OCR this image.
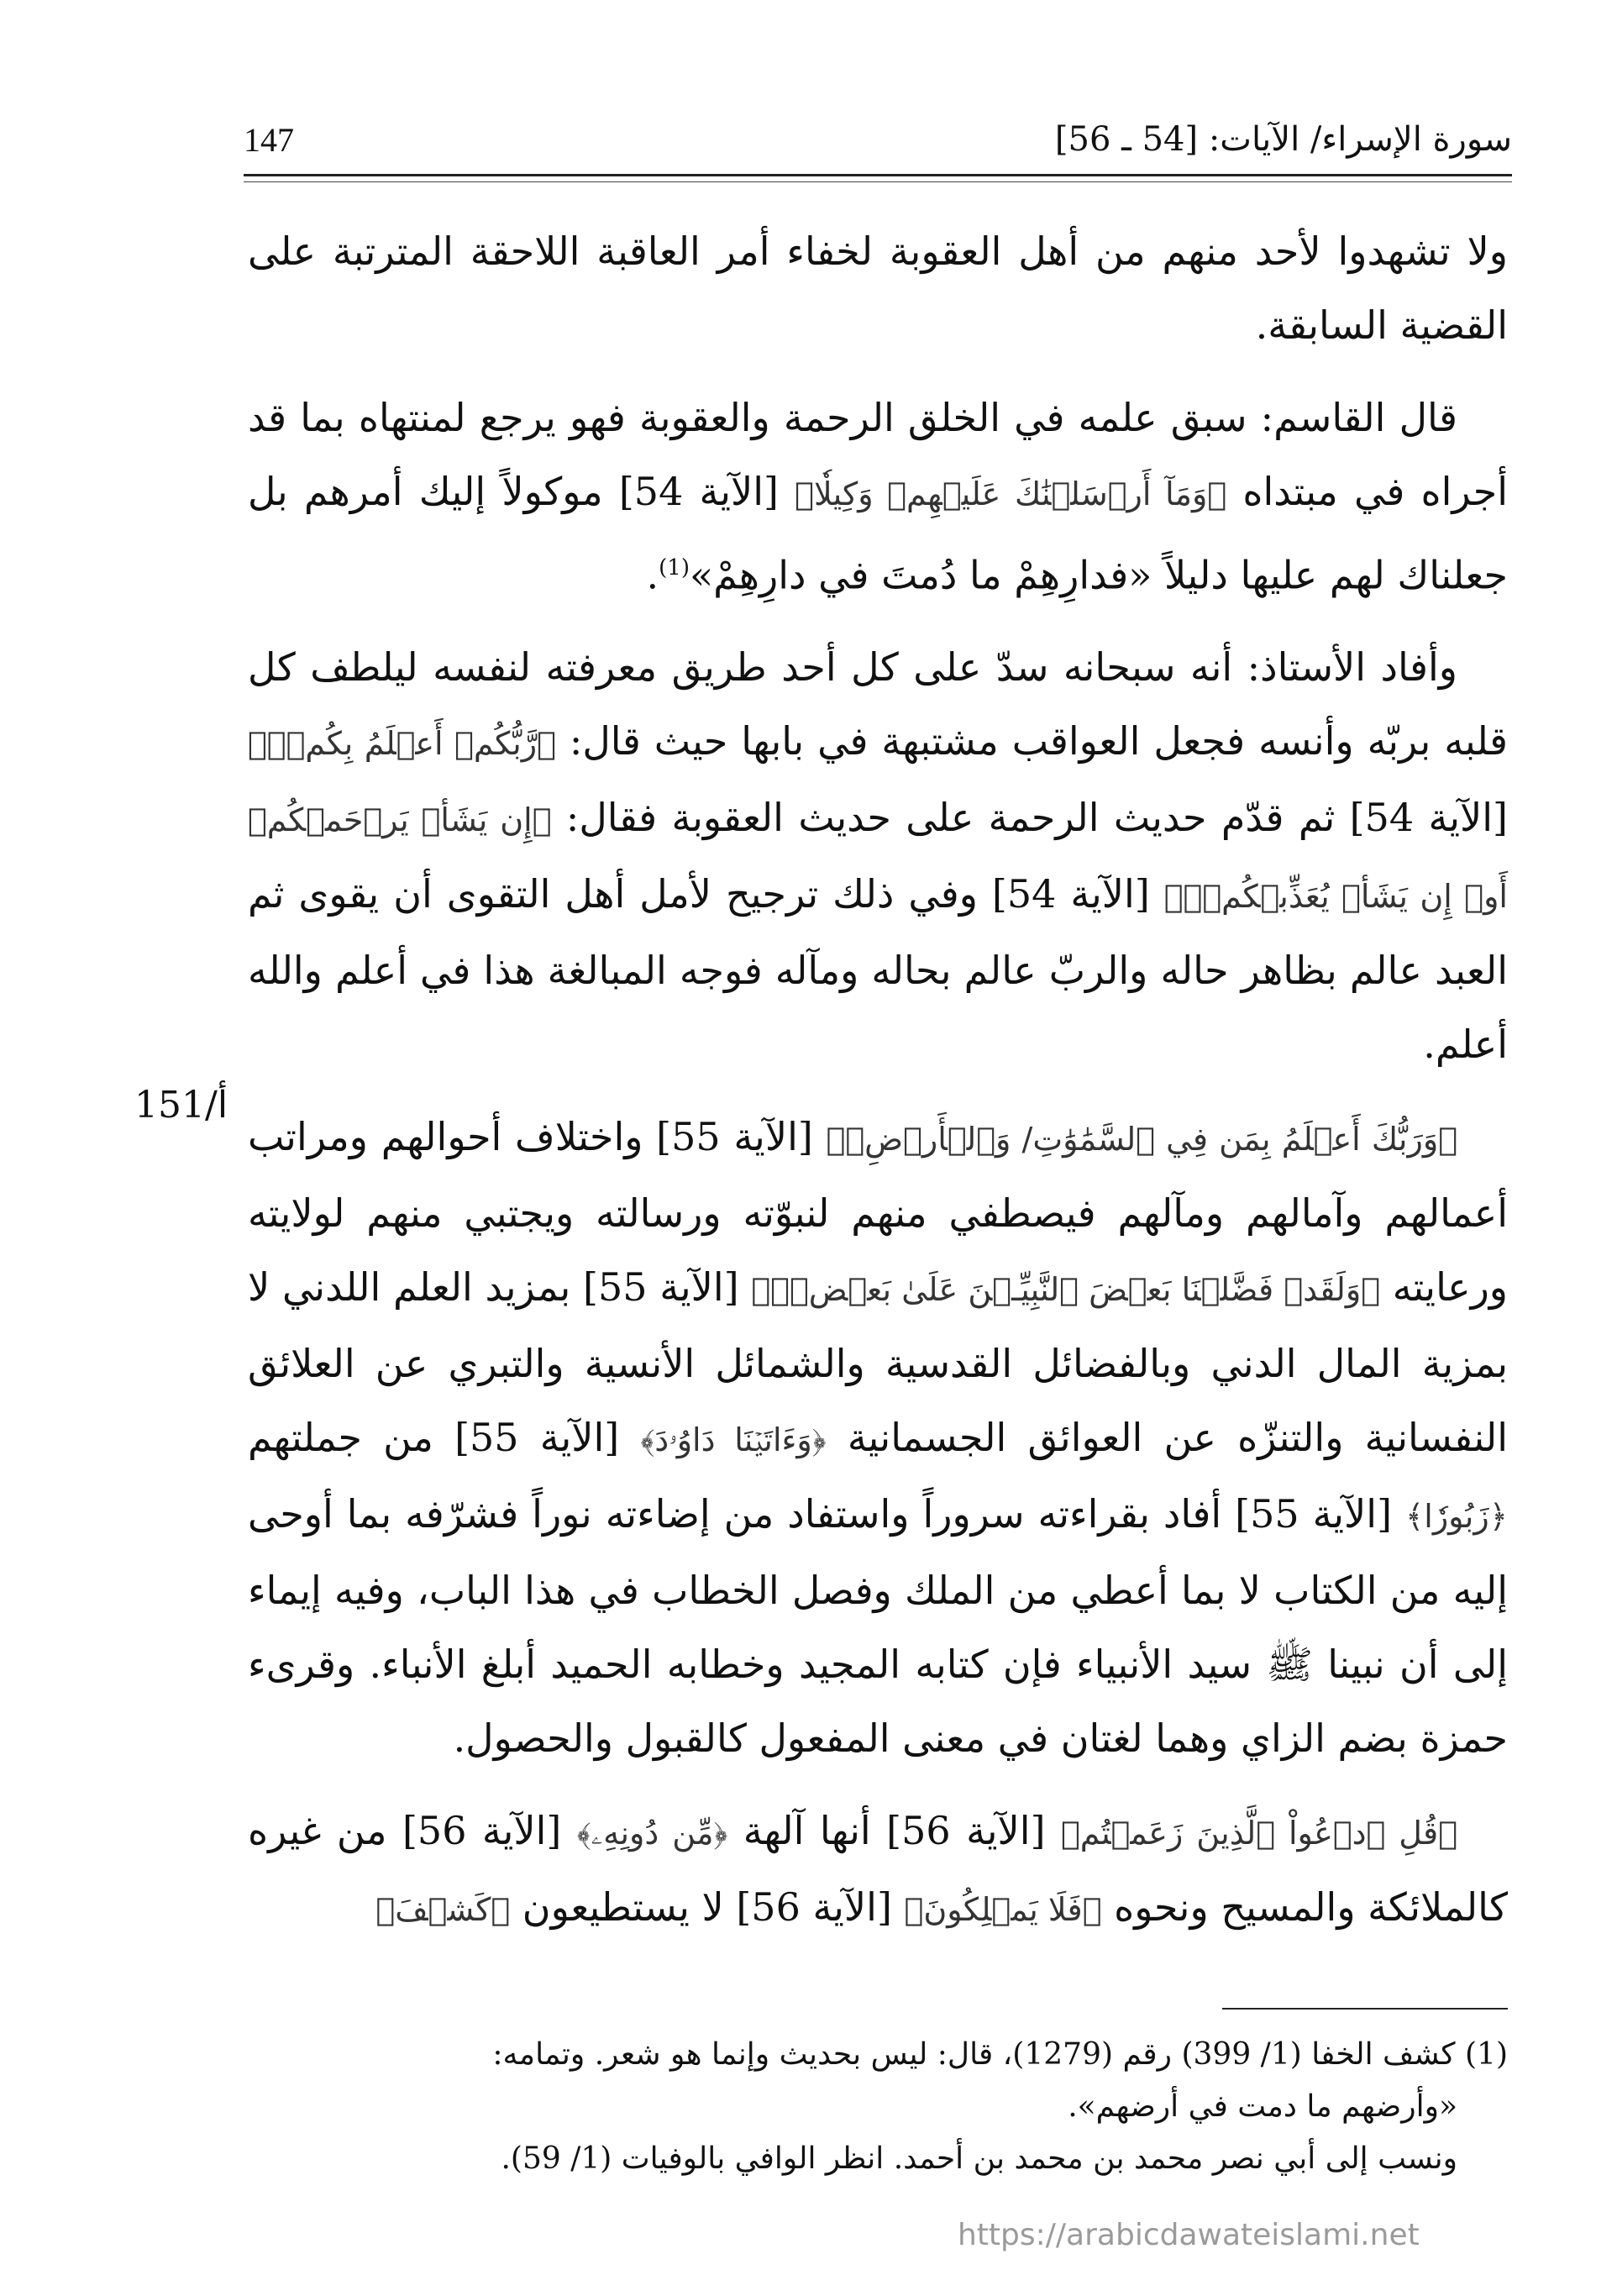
سورة الإسراء/ الآيات: [54 ـ 56]
147
151/أ

ولا تشهدوا لأحد منهم من أهل العقوبة لخفاء أمر العاقبة اللاحقة المترتبة على القضية السابقة.

قال القاسم: سبق علمه في الخلق الرحمة والعقوبة فهو يرجع لمنتهاه بما قد أجراه في مبتداه ﴿وَمَآ أَرۡسَلۡنَٰكَ عَلَيۡهِمۡ وَكِيلٗا﴾ [الآية 54] موكولاً إليك أمرهم بل جعلناك لهم عليها دليلاً «فدارِهِمْ ما دُمتَ في دارِهِمْ»$^{(1)}$.

وأفاد الأستاذ: أنه سبحانه سدّ على كل أحد طريق معرفته لنفسه ليلطف كل قلبه بربّه وأنسه فجعل العواقب مشتبهة في بابها حيث قال: ﴿رَّبُّكُمۡ أَعۡلَمُ بِكُمۡۖ﴾ [الآية 54] ثم قدّم حديث الرحمة على حديث العقوبة فقال: ﴿إِن يَشَأۡ يَرۡحَمۡكُمۡ أَوۡ إِن يَشَأۡ يُعَذِّبۡكُمۡۚ﴾ [الآية 54] وفي ذلك ترجيح لأمل أهل التقوى أن يقوى ثم العبد عالم بظاهر حاله والربّ عالم بحاله ومآله فوجه المبالغة هذا في أعلم والله أعلم.

﴿وَرَبُّكَ أَعۡلَمُ بِمَن فِي ٱلسَّمَٰوَٰتِ/ وَٱلۡأَرۡضِۗ﴾ [الآية 55] واختلاف أحوالهم ومراتب أعمالهم وآمالهم ومآلهم فيصطفي منهم لنبوّته ورسالته ويجتبي منهم لولايته ورعايته ﴿وَلَقَدۡ فَضَّلۡنَا بَعۡضَ ٱلنَّبِيِّـۧنَ عَلَىٰ بَعۡضٖۖ﴾ [الآية 55] بمزيد العلم اللدني لا بمزية المال الدني وبالفضائل القدسية والشمائل الأنسية والتبري عن العلائق النفسانية والتنزّه عن العوائق الجسمانية ﴿وَءَاتَيۡنَا دَاوُۥدَ﴾ [الآية 55] من جملتهم ﴿زَبُورٗا﴾ [الآية 55] أفاد بقراءته سروراً واستفاد من إضاءته نوراً فشرّفه بما أوحى إليه من الكتاب لا بما أعطي من الملك وفصل الخطاب في هذا الباب، وفيه إيماء إلى أن نبينا ﷺ سيد الأنبياء فإن كتابه المجيد وخطابه الحميد أبلغ الأنباء. وقرىء حمزة بضم الزاي وهما لغتان في معنى المفعول كالقبول والحصول.

﴿قُلِ ٱدۡعُواْ ٱلَّذِينَ زَعَمۡتُم﴾ [الآية 56] أنها آلهة ﴿مِّن دُونِهِۦ﴾ [الآية 56] من غيره كالملائكة والمسيح ونحوه ﴿فَلَا يَمۡلِكُونَ﴾ [الآية 56] لا يستطيعون ﴿كَشۡفَ﴾

(1) كشف الخفا (1/ 399) رقم (1279)، قال: ليس بحديث وإنما هو شعر. وتمامه:

«وأرضهم ما دمت في أرضهم».

ونسب إلى أبي نصر محمد بن محمد بن أحمد. انظر الوافي بالوفيات (1/ 59).

https://arabicdawateislami.net
